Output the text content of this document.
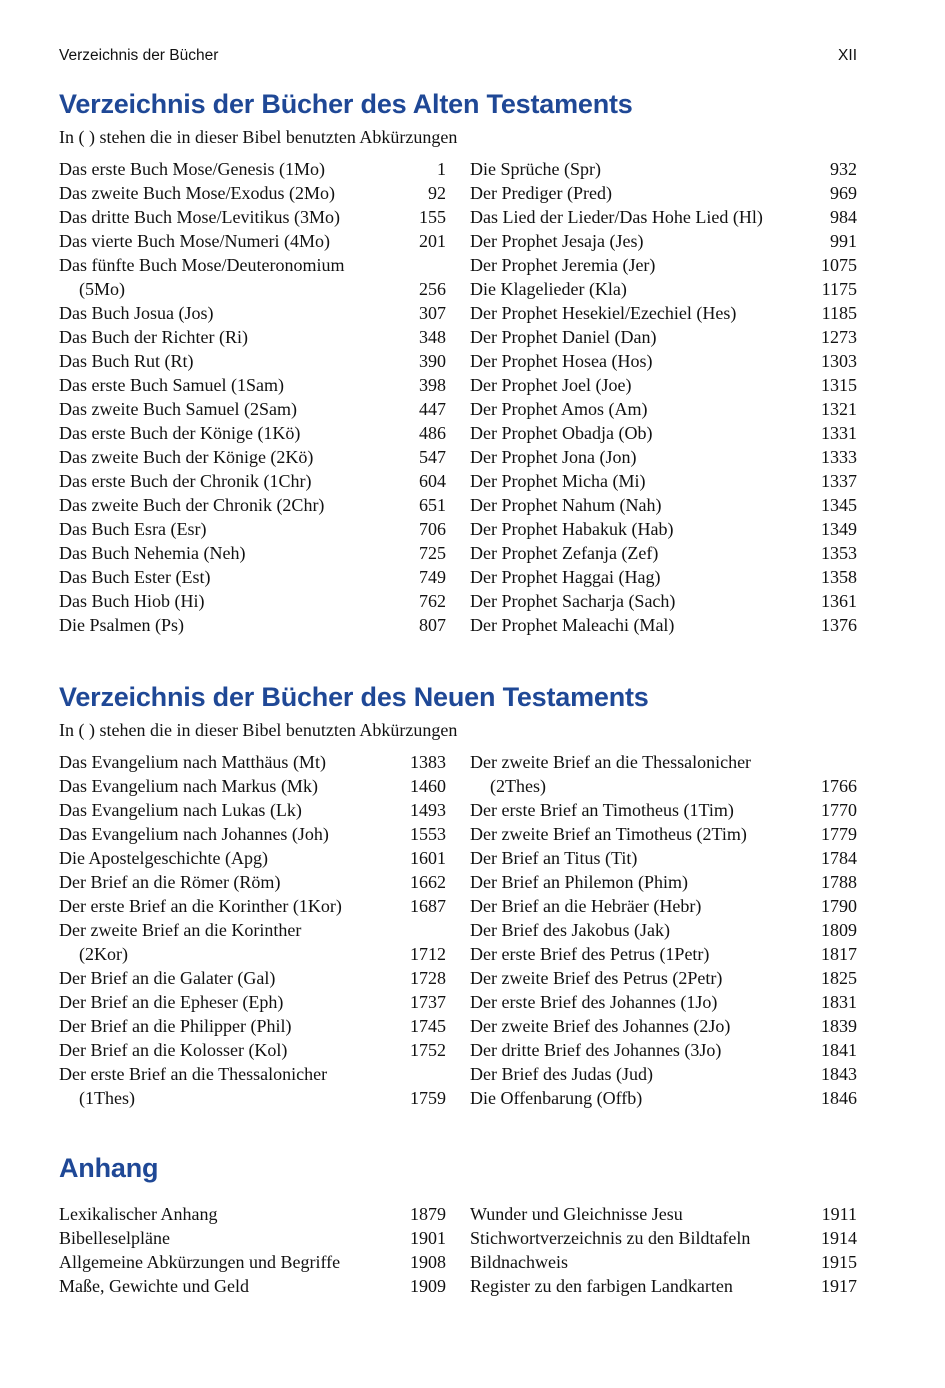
Verzeichnis der Bücher	XII
Verzeichnis der Bücher des Alten Testaments
In ( ) stehen die in dieser Bibel benutzten Abkürzungen
Das erste Buch Mose/Genesis (1Mo)	1
Das zweite Buch Mose/Exodus (2Mo)	92
Das dritte Buch Mose/Levitikus (3Mo)	155
Das vierte Buch Mose/Numeri (4Mo)	201
Das fünfte Buch Mose/Deuteronomium
(5Mo)	256
Das Buch Josua (Jos)	307
Das Buch der Richter (Ri)	348
Das Buch Rut (Rt)	390
Das erste Buch Samuel (1Sam)	398
Das zweite Buch Samuel (2Sam)	447
Das erste Buch der Könige (1Kö)	486
Das zweite Buch der Könige (2Kö)	547
Das erste Buch der Chronik (1Chr)	604
Das zweite Buch der Chronik (2Chr)	651
Das Buch Esra (Esr)	706
Das Buch Nehemia (Neh)	725
Das Buch Ester (Est)	749
Das Buch Hiob (Hi)	762
Die Psalmen (Ps)	807
Die Sprüche (Spr)	932
Der Prediger (Pred)	969
Das Lied der Lieder/Das Hohe Lied (Hl)	984
Der Prophet Jesaja (Jes)	991
Der Prophet Jeremia (Jer)	1075
Die Klagelieder (Kla)	1175
Der Prophet Hesekiel/Ezechiel (Hes)	1185
Der Prophet Daniel (Dan)	1273
Der Prophet Hosea (Hos)	1303
Der Prophet Joel (Joe)	1315
Der Prophet Amos (Am)	1321
Der Prophet Obadja (Ob)	1331
Der Prophet Jona (Jon)	1333
Der Prophet Micha (Mi)	1337
Der Prophet Nahum (Nah)	1345
Der Prophet Habakuk (Hab)	1349
Der Prophet Zefanja (Zef)	1353
Der Prophet Haggai (Hag)	1358
Der Prophet Sacharja (Sach)	1361
Der Prophet Maleachi (Mal)	1376
Verzeichnis der Bücher des Neuen Testaments
In ( ) stehen die in dieser Bibel benutzten Abkürzungen
Das Evangelium nach Matthäus (Mt)	1383
Das Evangelium nach Markus (Mk)	1460
Das Evangelium nach Lukas (Lk)	1493
Das Evangelium nach Johannes (Joh)	1553
Die Apostelgeschichte (Apg)	1601
Der Brief an die Römer (Röm)	1662
Der erste Brief an die Korinther (1Kor)	1687
Der zweite Brief an die Korinther
(2Kor)	1712
Der Brief an die Galater (Gal)	1728
Der Brief an die Epheser (Eph)	1737
Der Brief an die Philipper (Phil)	1745
Der Brief an die Kolosser (Kol)	1752
Der erste Brief an die Thessalonicher
(1Thes)	1759
Der zweite Brief an die Thessalonicher
(2Thes)	1766
Der erste Brief an Timotheus (1Tim)	1770
Der zweite Brief an Timotheus (2Tim)	1779
Der Brief an Titus (Tit)	1784
Der Brief an Philemon (Phim)	1788
Der Brief an die Hebräer (Hebr)	1790
Der Brief des Jakobus (Jak)	1809
Der erste Brief des Petrus (1Petr)	1817
Der zweite Brief des Petrus (2Petr)	1825
Der erste Brief des Johannes (1Jo)	1831
Der zweite Brief des Johannes (2Jo)	1839
Der dritte Brief des Johannes (3Jo)	1841
Der Brief des Judas (Jud)	1843
Die Offenbarung (Offb)	1846
Anhang
Lexikalischer Anhang	1879
Bibelleselpläne	1901
Allgemeine Abkürzungen und Begriffe	1908
Maße, Gewichte und Geld	1909
Wunder und Gleichnisse Jesu	1911
Stichwortverzeichnis zu den Bildtafeln	1914
Bildnachweis	1915
Register zu den farbigen Landkarten	1917
